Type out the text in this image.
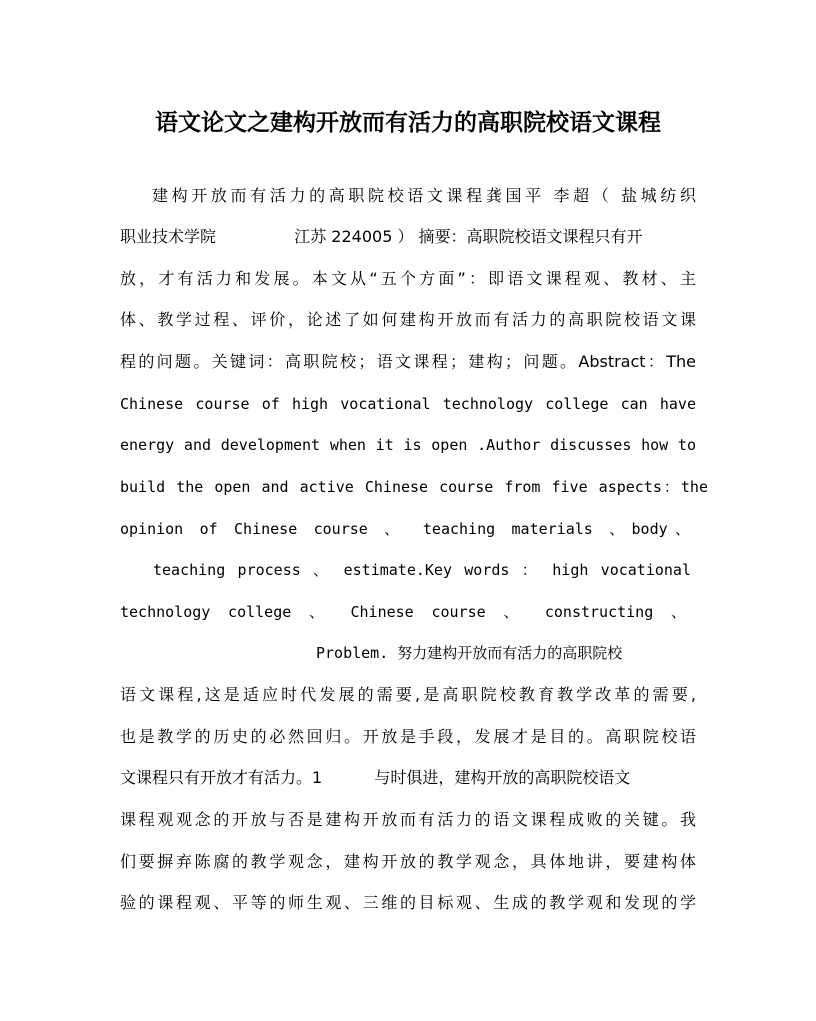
语文论文之建构开放而有活力的高职院校语文课程
建构开放而有活力的高职院校语文课程龚国平 李超（ 盐城纺织
职业技术学院	江苏 224005 ） 摘要：高职院校语文课程只有开
放，才有活力和发展。本文从“五个方面”：即语文课程观、教材、主
体、教学过程、评价，论述了如何建构开放而有活力的高职院校语文课
程的问题。关键词：高职院校；语文课程；建构；问题。Abstract：The
Chinese course of high vocational technology college can have
energy and development when it is open .Author discusses how to
build the open and active Chinese course from five aspects：the
opinion of Chinese course 、 teaching materials 、body、
teaching process 、 estimate.Key words ： high vocational
technology college 、 Chinese course 、 constructing 、
Problem. 努力建构开放而有活力的高职院校
语文课程,这是适应时代发展的需要,是高职院校教育教学改革的需要,
也是教学的历史的必然回归。开放是手段，发展才是目的。高职院校语
文课程只有开放才有活力。1	与时俱进，建构开放的高职院校语文
课程观观念的开放与否是建构开放而有活力的语文课程成败的关键。我
们要摒弃陈腐的教学观念，建构开放的教学观念，具体地讲，要建构体
验的课程观、平等的师生观、三维的目标观、生成的教学观和发现的学
